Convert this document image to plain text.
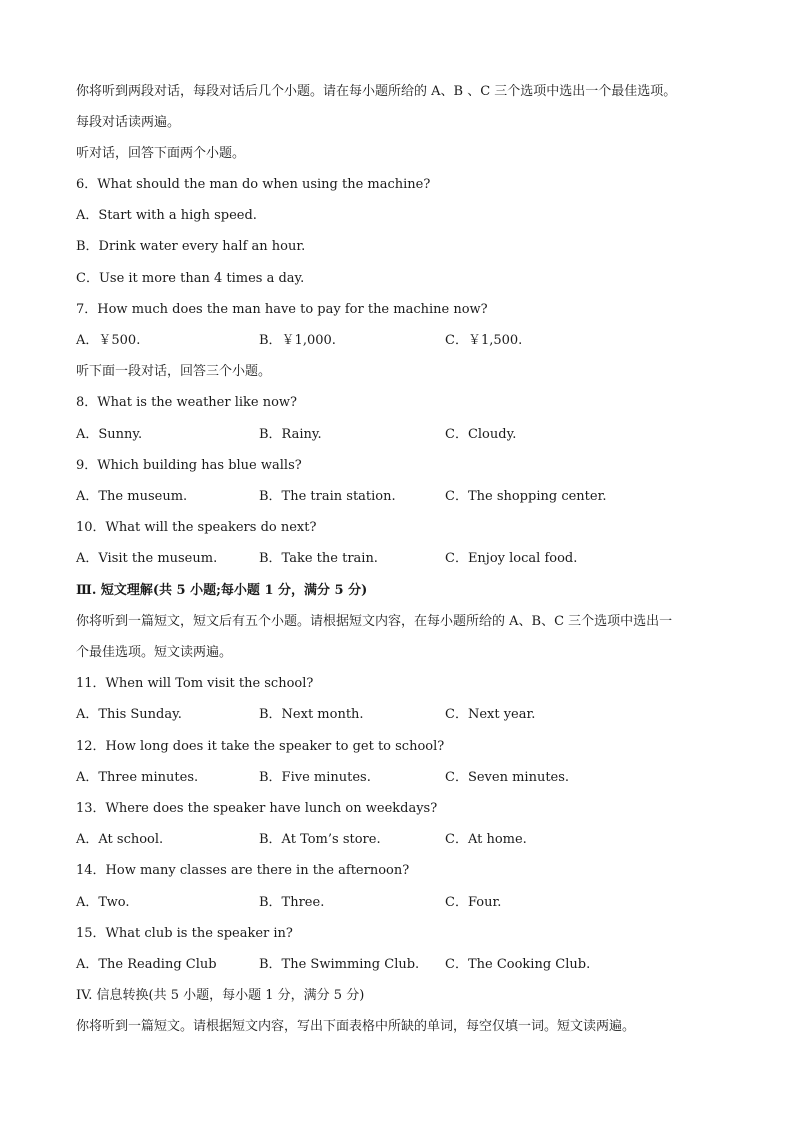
你将听到两段对话，每段对话后几个小题。请在每小题所给的 A、B 、C 三个选项中选出一个最佳选项。
每段对话读两遍。
听对话，回答下面两个小题。
6．What should the man do when using the machine?
A．Start with a high speed.
B．Drink water every half an hour.
C．Use it more than 4 times a day.
7．How much does the man have to pay for the machine now?
A．￥500.	B．￥1,000.	C．￥1,500.
听下面一段对话，回答三个小题。
8．What is the weather like now?
A．Sunny.	B．Rainy.	C．Cloudy.
9．Which building has blue walls?
A．The museum.	B．The train station.	C．The shopping center.
10．What will the speakers do next?
A．Visit the museum.	B．Take the train.	C．Enjoy local food.
Ⅲ. 短文理解(共 5 小题;每小题 1 分，满分 5 分)
你将听到一篇短文，短文后有五个小题。请根据短文内容，在每小题所给的 A、B、C 三个选项中选出一
个最佳选项。短文读两遍。
11．When will Tom visit the school?
A．This Sunday.	B．Next month.	C．Next year.
12．How long does it take the speaker to get to school?
A．Three minutes.	B．Five minutes.	C．Seven minutes.
13．Where does the speaker have lunch on weekdays?
A．At school.	B．At Tom’s store.	C．At home.
14．How many classes are there in the afternoon?
A．Two.	B．Three.	C．Four.
15．What club is the speaker in?
A．The Reading Club	B．The Swimming Club. C．The Cooking Club.
IV. 信息转换(共 5 小题，每小题 1 分，满分 5 分)
你将听到一篇短文。请根据短文内容，写出下面表格中所缺的单词，每空仅填一词。短文读两遍。
